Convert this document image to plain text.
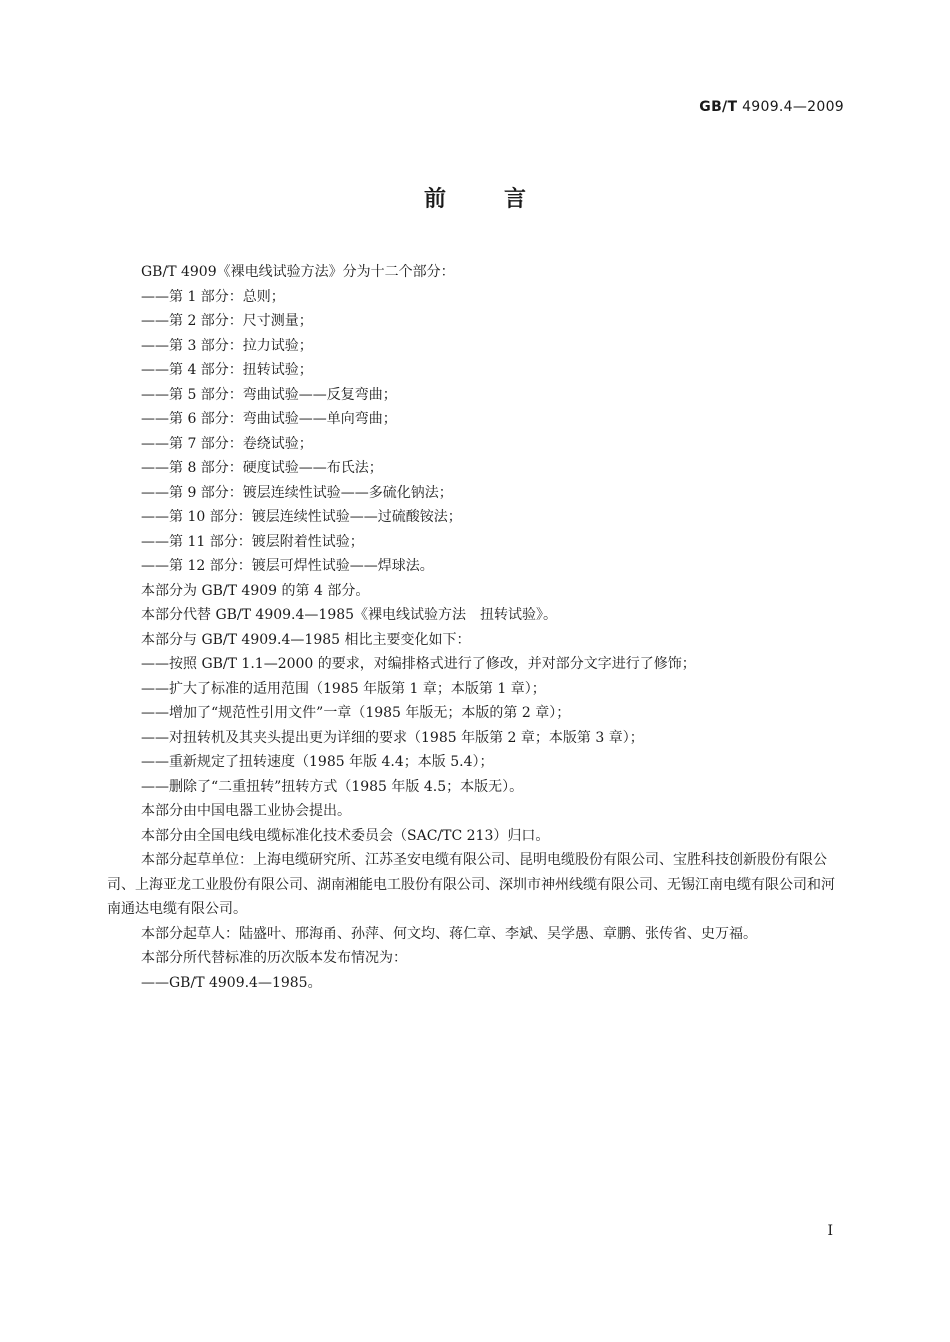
GB/T 4909.4—2009
前言

GB/T 4909《裸电线试验方法》分为十二个部分：

——第 1 部分：总则；

——第 2 部分：尺寸测量；

——第 3 部分：拉力试验；

——第 4 部分：扭转试验；

——第 5 部分：弯曲试验——反复弯曲；

——第 6 部分：弯曲试验——单向弯曲；

——第 7 部分：卷绕试验；

——第 8 部分：硬度试验——布氏法；

——第 9 部分：镀层连续性试验——多硫化钠法；

——第 10 部分：镀层连续性试验——过硫酸铵法；

——第 11 部分：镀层附着性试验；

——第 12 部分：镀层可焊性试验——焊球法。

本部分为 GB/T 4909 的第 4 部分。

本部分代替 GB/T 4909.4—1985《裸电线试验方法　扭转试验》。

本部分与 GB/T 4909.4—1985 相比主要变化如下：

——按照 GB/T 1.1—2000 的要求，对编排格式进行了修改，并对部分文字进行了修饰；

——扩大了标准的适用范围（1985 年版第 1 章；本版第 1 章）；

——增加了“规范性引用文件”一章（1985 年版无；本版的第 2 章）；

——对扭转机及其夹头提出更为详细的要求（1985 年版第 2 章；本版第 3 章）；

——重新规定了扭转速度（1985 年版 4.4；本版 5.4）；

——删除了“二重扭转”扭转方式（1985 年版 4.5；本版无）。

本部分由中国电器工业协会提出。

本部分由全国电线电缆标准化技术委员会（SAC/TC 213）归口。

本部分起草单位：上海电缆研究所、江苏圣安电缆有限公司、昆明电缆股份有限公司、宝胜科技创新股份有限公司、上海亚龙工业股份有限公司、湖南湘能电工股份有限公司、深圳市神州线缆有限公司、无锡江南电缆有限公司和河南通达电缆有限公司。

本部分起草人：陆盛叶、邢海甬、孙萍、何文均、蒋仁章、李斌、吴学愚、章鹏、张传省、史万福。

本部分所代替标准的历次版本发布情况为：

——GB/T 4909.4—1985。

I
